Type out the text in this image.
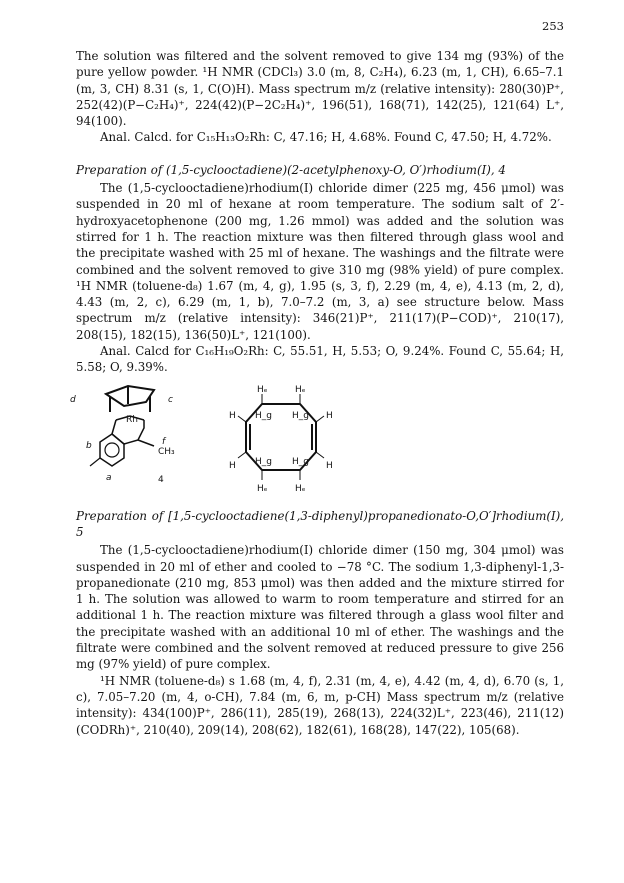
253

The solution was filtered and the solvent removed to give 134 mg (93%) of the pure yellow powder. ¹H NMR (CDCl₃) 3.0 (m, 8, C₂H₄), 6.23 (m, 1, CH), 6.65–7.1 (m, 3, CH) 8.31 (s, 1, C(O)H). Mass spectrum m/z (relative intensity): 280(30)P⁺, 252(42)(P−C₂H₄)⁺, 224(42)(P−2C₂H₄)⁺, 196(51), 168(71), 142(25), 121(64) L⁺, 94(100).

Anal. Calcd. for C₁₅H₁₃O₂Rh: C, 47.16; H, 4.68%. Found C, 47.50; H, 4.72%.

Preparation of (1,5-cyclooctadiene)(2-acetylphenoxy-O, O′)rhodium(I), 4

The (1,5-cyclooctadiene)rhodium(I) chloride dimer (225 mg, 456 μmol) was suspended in 20 ml of hexane at room temperature. The sodium salt of 2′-hydroxyacetophenone (200 mg, 1.26 mmol) was added and the solution was stirred for 1 h. The reaction mixture was then filtered through glass wool and the precipitate washed with 25 ml of hexane. The washings and the filtrate were combined and the solvent removed to give 310 mg (98% yield) of pure complex. ¹H NMR (toluene-d₈) 1.67 (m, 4, g), 1.95 (s, 3, f), 2.29 (m, 4, e), 4.13 (m, 2, d), 4.43 (m, 2, c), 6.29 (m, 1, b), 7.0–7.2 (m, 3, a) see structure below. Mass spectrum m/z (relative intensity): 346(21)P⁺, 211(17)(P−COD)⁺, 210(17), 208(15), 182(15), 136(50)L⁺, 121(100).

Anal. Calcd for C₁₆H₁₉O₂Rh: C, 55.51, H, 5.53; O, 9.24%. Found C, 55.64; H, 5.58; O, 9.39%.

d	c
Rh
f
CH₃
b
a	4
Hₑ	Hₑ
Hₑ	Hₑ
H_g H_g
H_g H_g
H	H
H	H

Preparation of [1,5-cyclooctadiene(1,3-diphenyl)propanedionato-O,O′]rhodium(I), 5

The (1,5-cyclooctadiene)rhodium(I) chloride dimer (150 mg, 304 μmol) was suspended in 20 ml of ether and cooled to −78 °C. The sodium 1,3-diphenyl-1,3-propanedionate (210 mg, 853 μmol) was then added and the mixture stirred for 1 h. The solution was allowed to warm to room temperature and stirred for an additional 1 h. The reaction mixture was filtered through a glass wool filter and the precipitate washed with an additional 10 ml of ether. The washings and the filtrate were combined and the solvent removed at reduced pressure to give 256 mg (97% yield) of pure complex.

¹H NMR (toluene-d₈) s 1.68 (m, 4, f), 2.31 (m, 4, e), 4.42 (m, 4, d), 6.70 (s, 1, c), 7.05–7.20 (m, 4, o-CH), 7.84 (m, 6, m, p-CH) Mass spectrum m/z (relative intensity): 434(100)P⁺, 286(11), 285(19), 268(13), 224(32)L⁺, 223(46), 211(12)(CODRh)⁺, 210(40), 209(14), 208(62), 182(61), 168(28), 147(22), 105(68).
